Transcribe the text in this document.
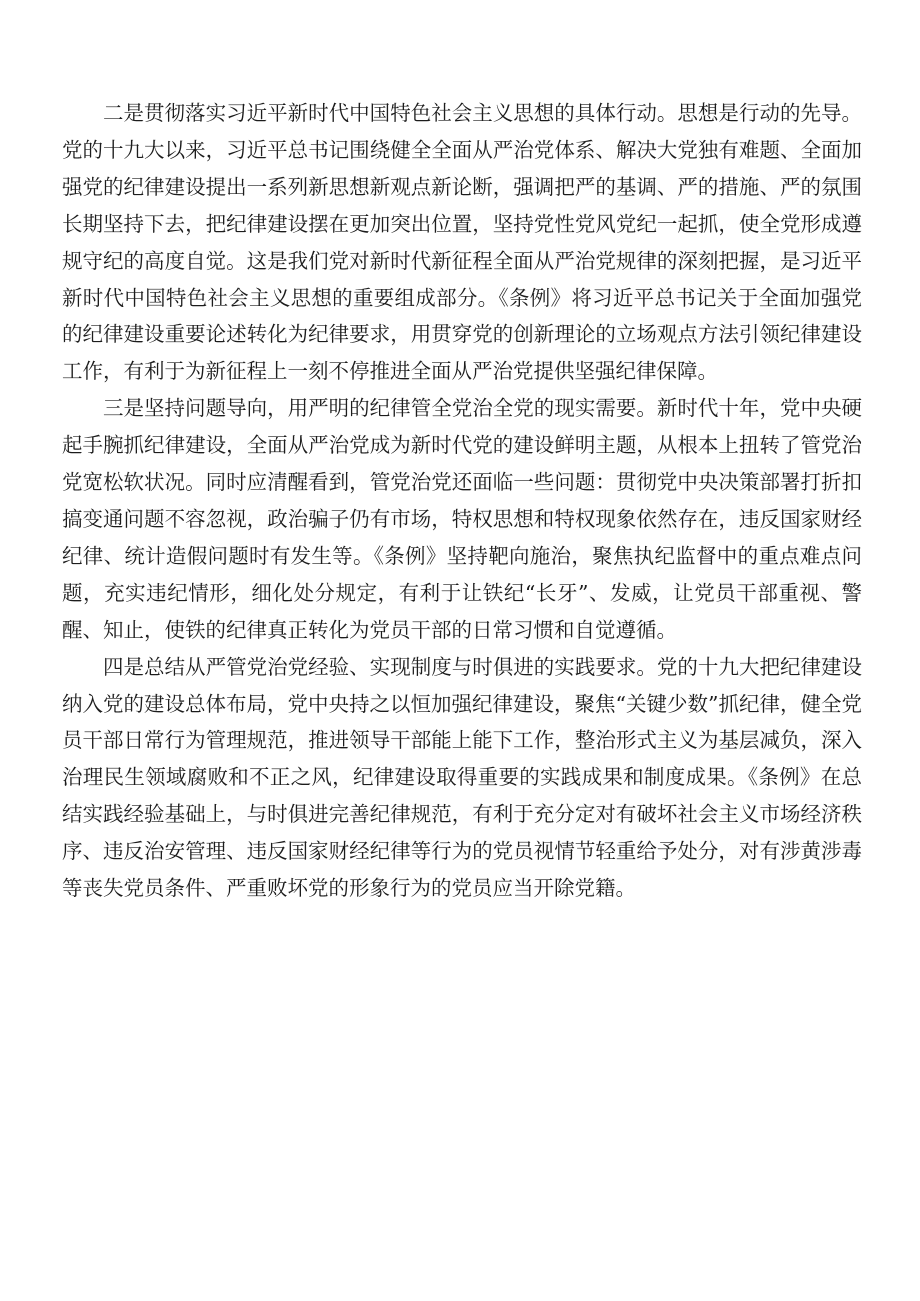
二是贯彻落实习近平新时代中国特色社会主义思想的具体行动。思想是行动的先导。党的十九大以来，习近平总书记围绕健全全面从严治党体系、解决大党独有难题、全面加强党的纪律建设提出一系列新思想新观点新论断，强调把严的基调、严的措施、严的氛围长期坚持下去，把纪律建设摆在更加突出位置，坚持党性党风党纪一起抓，使全党形成遵规守纪的高度自觉。这是我们党对新时代新征程全面从严治党规律的深刻把握，是习近平新时代中国特色社会主义思想的重要组成部分。《条例》将习近平总书记关于全面加强党的纪律建设重要论述转化为纪律要求，用贯穿党的创新理论的立场观点方法引领纪律建设工作，有利于为新征程上一刻不停推进全面从严治党提供坚强纪律保障。

三是坚持问题导向，用严明的纪律管全党治全党的现实需要。新时代十年，党中央硬起手腕抓纪律建设，全面从严治党成为新时代党的建设鲜明主题，从根本上扭转了管党治党宽松软状况。同时应清醒看到，管党治党还面临一些问题：贯彻党中央决策部署打折扣搞变通问题不容忽视，政治骗子仍有市场，特权思想和特权现象依然存在，违反国家财经纪律、统计造假问题时有发生等。《条例》坚持靶向施治，聚焦执纪监督中的重点难点问题，充实违纪情形，细化处分规定，有利于让铁纪“长牙”、发威，让党员干部重视、警醒、知止，使铁的纪律真正转化为党员干部的日常习惯和自觉遵循。

四是总结从严管党治党经验、实现制度与时俱进的实践要求。党的十九大把纪律建设纳入党的建设总体布局，党中央持之以恒加强纪律建设，聚焦“关键少数”抓纪律，健全党员干部日常行为管理规范，推进领导干部能上能下工作，整治形式主义为基层减负，深入治理民生领域腐败和不正之风，纪律建设取得重要的实践成果和制度成果。《条例》在总结实践经验基础上，与时俱进完善纪律规范，有利于充分定对有破坏社会主义市场经济秩序、违反治安管理、违反国家财经纪律等行为的党员视情节轻重给予处分，对有涉黄涉毒等丧失党员条件、严重败坏党的形象行为的党员应当开除党籍。
